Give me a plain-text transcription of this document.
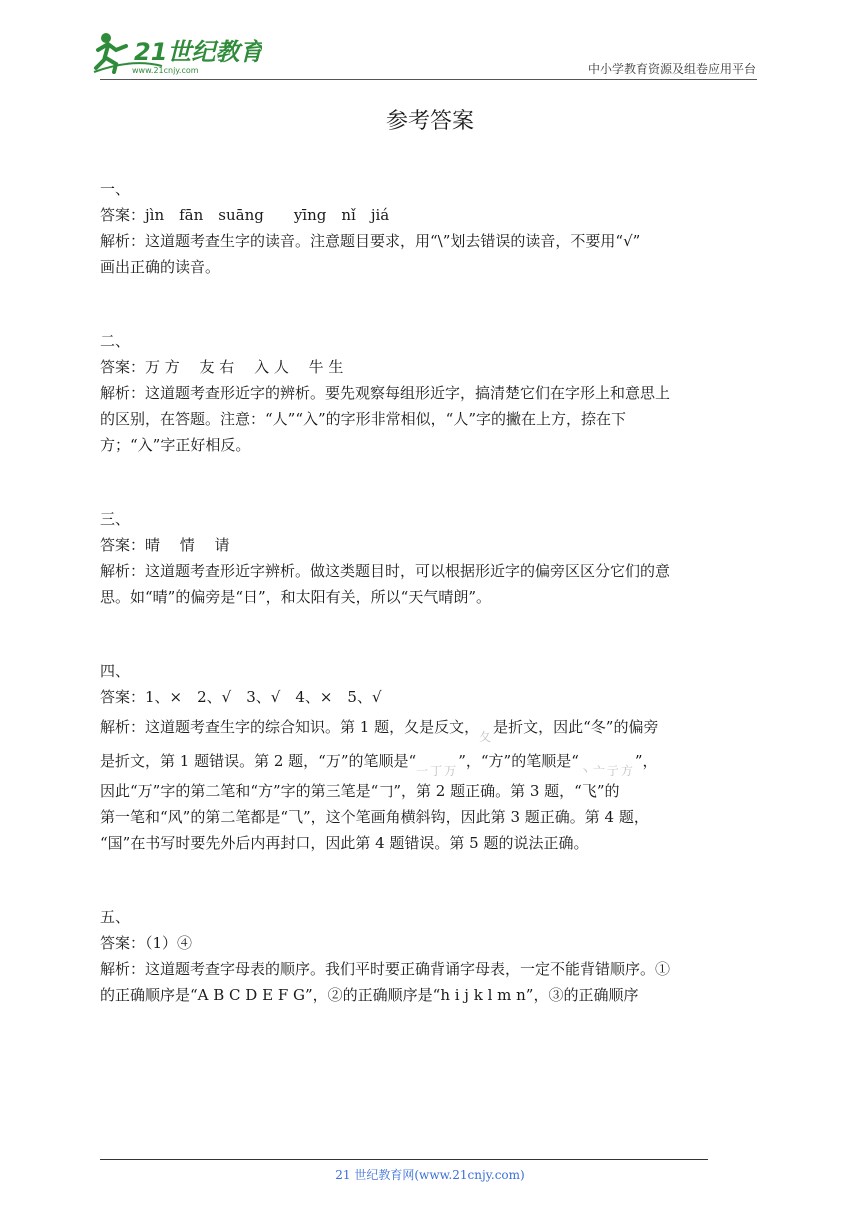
21世纪教育
www.21cnjy.com	中小学教育资源及组卷应用平台
参考答案
一、
答案：jìn　fān　suāng　　yīng　nǐ　jiá
解析：这道题考查生字的读音。注意题目要求，用“\”划去错误的读音，不要用“√”
画出正确的读音。
二、
答案：万 方　 友 右　 入 人　 牛 生
解析：这道题考查形近字的辨析。要先观察每组形近字，搞清楚它们在字形上和意思上
的区别，在答题。注意：“人”“入”的字形非常相似，“人”字的撇在上方，捺在下
方；“入”字正好相反。
三、
答案：晴　 情　 请
解析：这道题考查形近字辨析。做这类题目时，可以根据形近字的偏旁区区分它们的意
思。如“晴”的偏旁是“日”，和太阳有关，所以“天气晴朗”。
四、
答案：1、×　2、√　3、√　4、×　5、√
解析：这道题考查生字的综合知识。第 1 题，夂是反文，夂是折文，因此“冬”的偏旁
是折文，第 1 题错误。第 2 题，“万”的笔顺是“一丁万”，“方”的笔顺是“丶亠亍方”，
因此“万”字的第二笔和“方”字的第三笔是“𠃌”，第 2 题正确。第 3 题，“飞”的
第一笔和“风”的第二笔都是“⺄”，这个笔画角横斜钩，因此第 3 题正确。第 4 题，
“国”在书写时要先外后内再封口，因此第 4 题错误。第 5 题的说法正确。
五、
答案：（1）④
解析：这道题考查字母表的顺序。我们平时要正确背诵字母表，一定不能背错顺序。①
的正确顺序是“A B C D E F G”，②的正确顺序是“h i j k l m n”，③的正确顺序
21 世纪教育网(www.21cnjy.com)
